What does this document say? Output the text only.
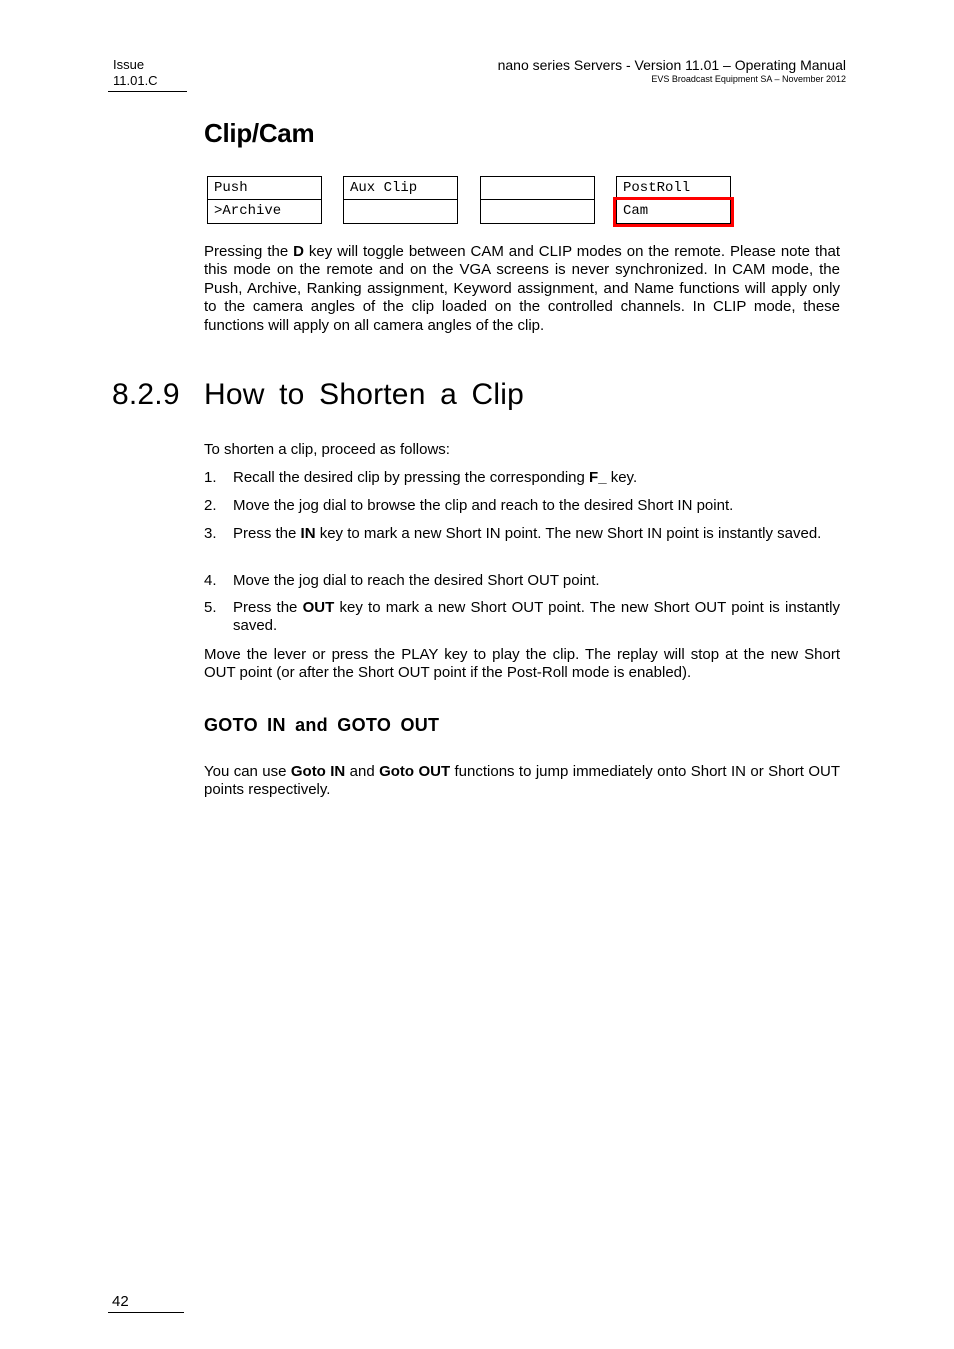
Issue
11.01.C
nano series Servers - Version 11.01 – Operating Manual
EVS Broadcast Equipment SA – November 2012
Clip/Cam
Push
>Archive
Aux Clip	PostRoll
Cam

Pressing the D key will toggle between CAM and CLIP modes on the remote. Please note that this mode on the remote and on the VGA screens is never synchronized. In CAM mode, the Push, Archive, Ranking assignment, Keyword assignment, and Name functions will apply only to the camera angles of the clip loaded on the controlled channels. In CLIP mode, these functions will apply on all camera angles of the clip.

8.2.9 How to Shorten a Clip

To shorten a clip, proceed as follows:

1. Recall the desired clip by pressing the corresponding F_ key.
2. Move the jog dial to browse the clip and reach to the desired Short IN point.
3. Press the IN key to mark a new Short IN point. The new Short IN point is instantly saved.
4. Move the jog dial to reach the desired Short OUT point.
5. Press the OUT key to mark a new Short OUT point. The new Short OUT point is instantly saved.

Move the lever or press the PLAY key to play the clip. The replay will stop at the new Short OUT point (or after the Short OUT point if the Post-Roll mode is enabled).

GOTO IN and GOTO OUT

You can use Goto IN and Goto OUT functions to jump immediately onto Short IN or Short OUT points respectively.

42
